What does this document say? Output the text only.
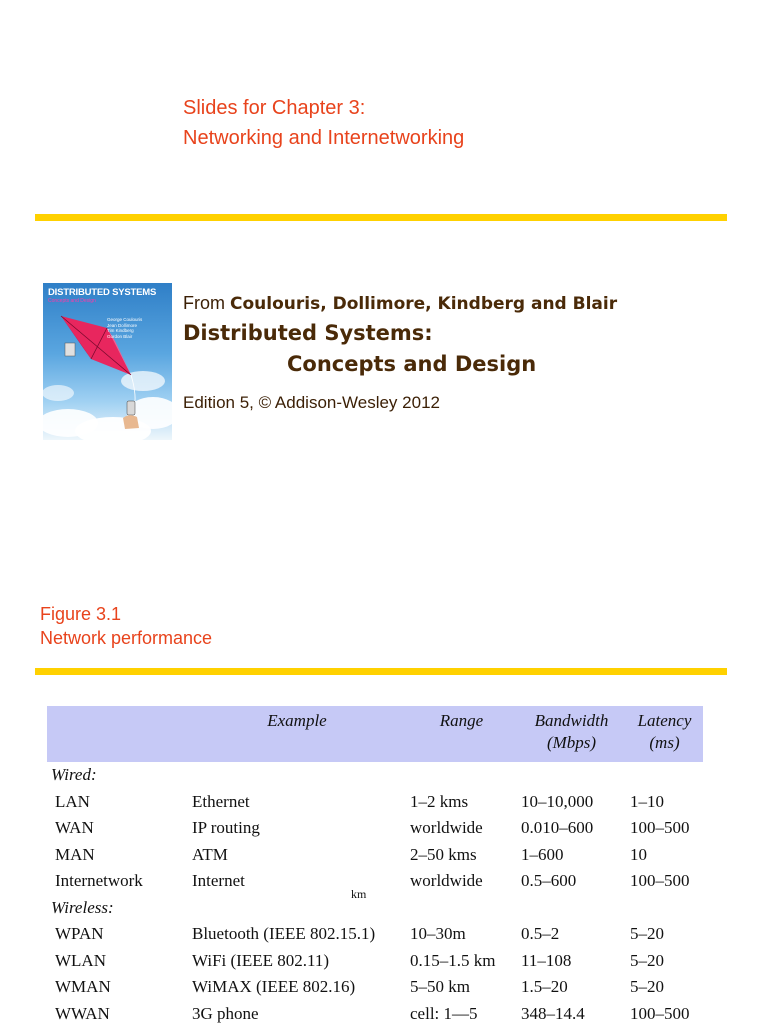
Slides for Chapter 3:
Networking and Internetworking
DISTRIBUTED SYSTEMS
Concepts and Design
George Coulouris
Jean Dollimore
Tim Kindberg
Gordon Blair
From Coulouris, Dollimore, Kindberg and Blair
Distributed Systems:
Concepts and Design
Edition 5, © Addison-Wesley 2012
Figure 3.1
Network performance
	Example	Range	Bandwidth (Mbps)	Latency (ms)
Wired:				
LAN	Ethernet	1–2 kms	10–10,000	1–10
WAN	IP routing	worldwide	0.010–600	100–500
MAN	ATM	2–50 kms	1–600	10
Internetwork	Internet	worldwide	0.5–600	100–500
Wireless:				
WPAN	Bluetooth (IEEE 802.15.1)	10–30m	0.5–2	5–20
WLAN	WiFi (IEEE 802.11)	0.15–1.5 km	11–108	5–20
WMAN	WiMAX (IEEE 802.16)	5–50 km	1.5–20	5–20
WWAN	3G phone	cell: 1—5	348–14.4	100–500
km
